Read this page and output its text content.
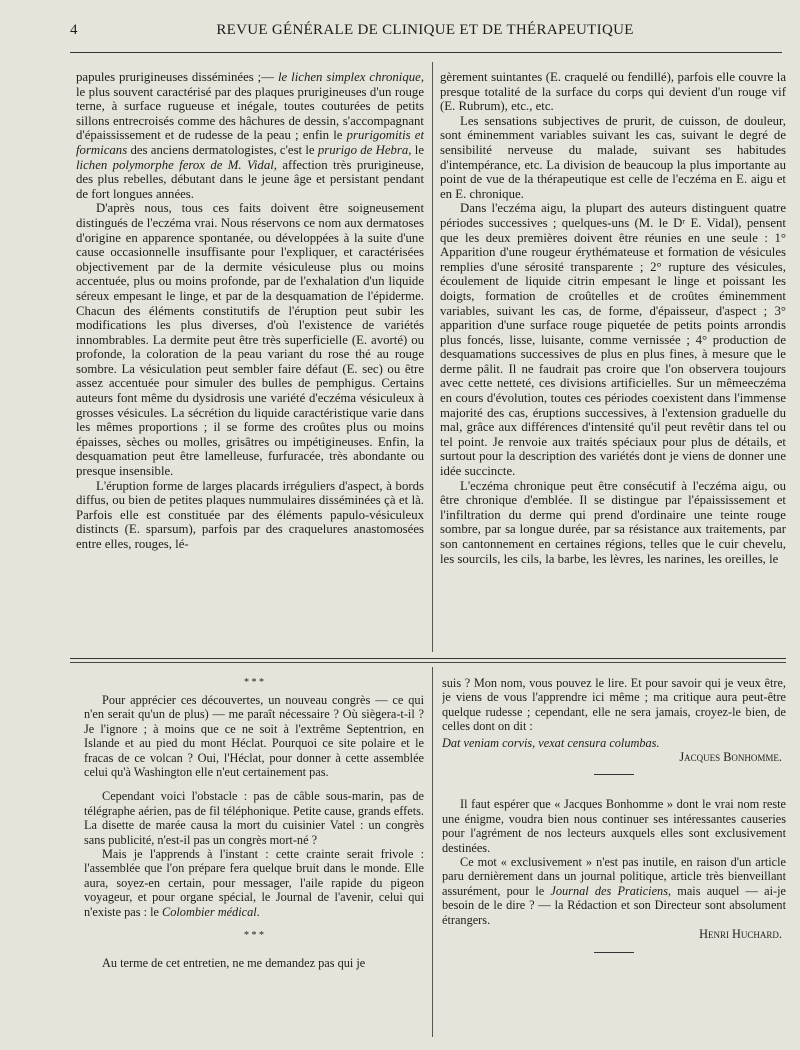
4	REVUE GÉNÉRALE DE CLINIQUE ET DE THÉRAPEUTIQUE

papules prurigineuses disséminées ;— le lichen simplex chronique, le plus souvent caractérisé par des plaques prurigineuses d'un rouge terne, à surface rugueuse et inégale, toutes couturées de petits sillons entrecroisés comme des hâchures de dessin, s'accompagnant d'épaississement et de rudesse de la peau ; enfin le prurigomitis et formicans des anciens dermatologistes, c'est le prurigo de Hebra, le lichen polymorphe ferox de M. Vidal, affection très prurigineuse, des plus rebelles, débutant dans le jeune âge et persistant pendant de fort longues années.

D'après nous, tous ces faits doivent être soigneusement distingués de l'eczéma vrai. Nous réservons ce nom aux dermatoses d'origine en apparence spontanée, ou développées à la suite d'une cause occasionnelle insuffisante pour l'expliquer, et caractérisées objectivement par de la dermite vésiculeuse plus ou moins accentuée, plus ou moins profonde, par de l'exhalation d'un liquide séreux empesant le linge, et par de la desquamation de l'épiderme. Chacun des éléments constitutifs de l'éruption peut subir les modifications les plus diverses, d'où l'existence de variétés innombrables. La dermite peut être très superficielle (E. avorté) ou profonde, la coloration de la peau variant du rose thé au rouge sombre. La vésiculation peut sembler faire défaut (E. sec) ou être assez accentuée pour simuler des bulles de pemphigus. Certains auteurs font même du dysidrosis une variété d'eczéma vésiculeux à grosses vésicules. La sécrétion du liquide caractéristique varie dans les mêmes proportions ; il se forme des croûtes plus ou moins épaisses, sèches ou molles, grisâtres ou impétigineuses. Enfin, la desquamation peut être lamelleuse, furfuracée, très abondante ou presque insensible.

L'éruption forme de larges placards irréguliers d'aspect, à bords diffus, ou bien de petites plaques nummulaires disséminées çà et là. Parfois elle est constituée par des éléments papulo-vésiculeux distincts (E. sparsum), parfois par des craquelures anastomosées entre elles, rouges, lé-

gèrement suintantes (E. craquelé ou fendillé), parfois elle couvre la presque totalité de la surface du corps qui devient d'un rouge vif (E. Rubrum), etc., etc.

Les sensations subjectives de prurit, de cuisson, de douleur, sont éminemment variables suivant les cas, suivant le degré de sensibilité nerveuse du malade, suivant ses habitudes d'intempérance, etc. La division de beaucoup la plus importante au point de vue de la thérapeutique est celle de l'eczéma en E. aigu et en E. chronique.

Dans l'eczéma aigu, la plupart des auteurs distinguent quatre périodes successives ; quelques-uns (M. le Dʳ E. Vidal), pensent que les deux premières doivent être réunies en une seule : 1° Apparition d'une rougeur érythémateuse et formation de vésicules remplies d'une sérosité transparente ; 2° rupture des vésicules, écoulement de liquide citrin empesant le linge et poissant les doigts, formation de croûtelles et de croûtes éminemment variables, suivant les cas, de forme, d'épaisseur, d'aspect ; 3° apparition d'une surface rouge piquetée de petits points arrondis plus foncés, lisse, luisante, comme vernissée ; 4° production de desquamations successives de plus en plus fines, à mesure que le derme pâlit. Il ne faudrait pas croire que l'on observera toujours avec cette netteté, ces divisions artificielles. Sur un mêmeeczéma en cours d'évolution, toutes ces périodes coexistent dans l'immense majorité des cas, éruptions successives, à l'extension graduelle du mal, grâce aux différences d'intensité qu'il peut revêtir dans tel ou tel point. Je renvoie aux traités spéciaux pour plus de détails, et surtout pour la description des variétés dont je viens de donner une idée succincte.

L'eczéma chronique peut être consécutif à l'eczéma aigu, ou être chronique d'emblée. Il se distingue par l'épaississement et l'infiltration du derme qui prend d'ordinaire une teinte rouge sombre, par sa longue durée, par sa résistance aux traitements, par son cantonnement en certaines régions, telles que le cuir chevelu, les sourcils, les cils, la barbe, les lèvres, les narines, les oreilles, le

* * *

Pour apprécier ces découvertes, un nouveau congrès — ce qui n'en serait qu'un de plus) — me paraît nécessaire ? Où siègera-t-il ? Je l'ignore ; à moins que ce ne soit à l'extrême Septentrion, en Islande et au pied du mont Héclat. Pourquoi ce site polaire et le fracas de ce volcan ? Oui, l'Héclat, pour donner à cette assemblée celui qu'à Washington elle n'eut certainement pas.

Cependant voici l'obstacle : pas de câble sous-marin, pas de télégraphe aérien, pas de fil téléphonique. Petite cause, grands effets. La disette de marée causa la mort du cuisinier Vatel : un congrès sans publicité, n'est-il pas un congrès mort-né ?

Mais je l'apprends à l'instant : cette crainte serait frivole : l'assemblée que l'on prépare fera quelque bruit dans le monde. Elle aura, soyez-en certain, pour messager, l'aile rapide du pigeon voyageur, et pour organe spécial, le Journal de l'avenir, celui qui n'existe pas : le Colombier médical.

* * *

Au terme de cet entretien, ne me demandez pas qui je

suis ? Mon nom, vous pouvez le lire. Et pour savoir qui je veux être, je viens de vous l'apprendre ici même ; ma critique aura peut-être quelque rudesse ; cependant, elle ne sera jamais, croyez-le bien, de celles dont on dit :

Dat veniam corvis, vexat censura columbas.

Jacques Bonhomme.

Il faut espérer que « Jacques Bonhomme » dont le vrai nom reste une énigme, voudra bien nous continuer ses intéressantes causeries pour l'agrément de nos lecteurs auxquels elles sont exclusivement destinées.

Ce mot « exclusivement » n'est pas inutile, en raison d'un article paru dernièrement dans un journal politique, article très bienveillant assurément, pour le Journal des Praticiens, mais auquel — ai-je besoin de le dire ? — la Rédaction et son Directeur sont absolument étrangers.

Henri Huchard.
